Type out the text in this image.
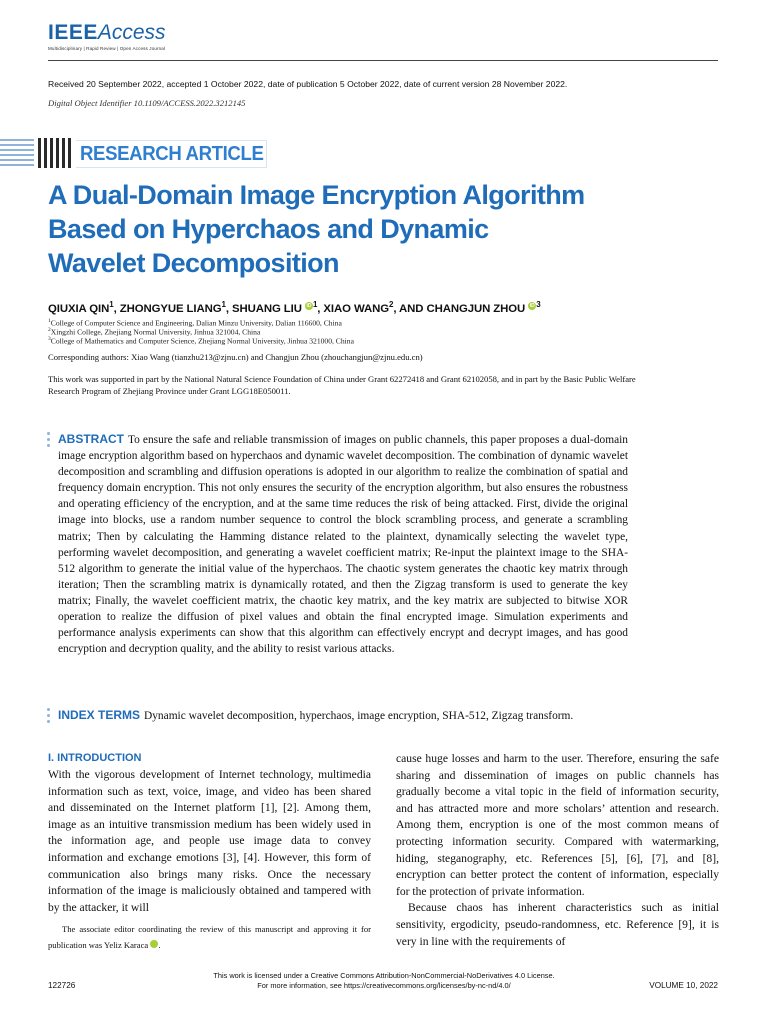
IEEEAccess
Multidisciplinary | Rapid Review | Open Access Journal
Received 20 September 2022, accepted 1 October 2022, date of publication 5 October 2022, date of current version 28 November 2022.
Digital Object Identifier 10.1109/ACCESS.2022.3212145
RESEARCH ARTICLE
A Dual-Domain Image Encryption Algorithm
Based on Hyperchaos and Dynamic
Wavelet Decomposition
QIUXIA QIN$^1$, ZHONGYUE LIANG$^1$, SHUANG LIU iD $^1$, XIAO WANG$^2$, AND CHANGJUN ZHOU iD $^3$
$^1$College of Computer Science and Engineering, Dalian Minzu University, Dalian 116600, China
$^2$Xingzhi College, Zhejiang Normal University, Jinhua 321004, China
$^3$College of Mathematics and Computer Science, Zhejiang Normal University, Jinhua 321000, China
Corresponding authors: Xiao Wang (tianzhu213@zjnu.cn) and Changjun Zhou (zhouchangjun@zjnu.edu.cn)
This work was supported in part by the National Natural Science Foundation of China under Grant 62272418 and Grant 62102058, and in part by the Basic Public Welfare Research Program of Zhejiang Province under Grant LGG18E050011.
ABSTRACT To ensure the safe and reliable transmission of images on public channels, this paper proposes a dual-domain image encryption algorithm based on hyperchaos and dynamic wavelet decomposition. The combination of dynamic wavelet decomposition and scrambling and diffusion operations is adopted in our algorithm to realize the combination of spatial and frequency domain encryption. This not only ensures the security of the encryption algorithm, but also ensures the robustness and operating efficiency of the encryption, and at the same time reduces the risk of being attacked. First, divide the original image into blocks, use a random number sequence to control the block scrambling process, and generate a scrambling matrix; Then by calculating the Hamming distance related to the plaintext, dynamically selecting the wavelet type, performing wavelet decomposition, and generating a wavelet coefficient matrix; Re-input the plaintext image to the SHA-512 algorithm to generate the initial value of the hyperchaos. The chaotic system generates the chaotic key matrix through iteration; Then the scrambling matrix is dynamically rotated, and then the Zigzag transform is used to generate the key matrix; Finally, the wavelet coefficient matrix, the chaotic key matrix, and the key matrix are subjected to bitwise XOR operation to realize the diffusion of pixel values and obtain the final encrypted image. Simulation experiments and performance analysis experiments can show that this algorithm can effectively encrypt and decrypt images, and has good encryption and decryption quality, and the ability to resist various attacks.
INDEX TERMS Dynamic wavelet decomposition, hyperchaos, image encryption, SHA-512, Zigzag transform.
I. INTRODUCTION
With the vigorous development of Internet technology, multimedia information such as text, voice, image, and video has been shared and disseminated on the Internet platform [1], [2]. Among them, image as an intuitive transmission medium has been widely used in the information age, and people use image data to convey information and exchange emotions [3], [4]. However, this form of communication also brings many risks. Once the necessary information of the image is maliciously obtained and tampered with by the attacker, it will
cause huge losses and harm to the user. Therefore, ensuring the safe sharing and dissemination of images on public channels has gradually become a vital topic in the field of information security, and has attracted more and more scholars’ attention and research. Among them, encryption is one of the most common means of protecting information security. Compared with watermarking, hiding, steganography, etc. References [5], [6], [7], and [8], encryption can better protect the content of information, especially for the protection of private information.
Because chaos has inherent characteristics such as initial sensitivity, ergodicity, pseudo-randomness, etc. Reference [9], it is very in line with the requirements of
The associate editor coordinating the review of this manuscript and approving it for publication was Yeliz Karaca	iD.
This work is licensed under a Creative Commons Attribution-NonCommercial-NoDerivatives 4.0 License.
For more information, see https://creativecommons.org/licenses/by-nc-nd/4.0/
122726	VOLUME 10, 2022
